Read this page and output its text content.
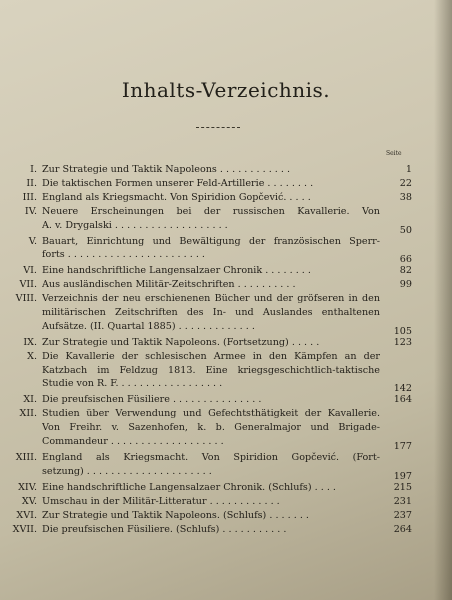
Inhalts-Verzeichnis.
Seite
I. Zur Strategie und Taktik Napoleons . . . . . . . . . . . .	1
II. Die taktischen Formen unserer Feld-Artillerie . . . . . . . .	22
III. England als Kriegsmacht. Von Spiridion Gopčević. . . . .	38
IV. Neuere Erscheinungen bei der russischen Kavallerie. Von
A. v. Drygalski . . . . . . . . . . . . . . . . . . .	50
V. Bauart, Einrichtung und Bewältigung der französischen Sperr-
forts . . . . . . . . . . . . . . . . . . . . . . .	66
VI. Eine handschriftliche Langensalzaer Chronik . . . . . . . .	82
VII. Aus ausländischen Militär-Zeitschriften . . . . . . . . . .	99
VIII. Verzeichnis der neu erschienenen Bücher und der gröfseren in den
militärischen Zeitschriften des In- und Auslandes enthaltenen
Aufsätze. (II. Quartal 1885) . . . . . . . . . . . . .	105
IX. Zur Strategie und Taktik Napoleons. (Fortsetzung) . . . . .	123
X. Die Kavallerie der schlesischen Armee in den Kämpfen an der
Katzbach im Feldzug 1813. Eine kriegsgeschichtlich-taktische
Studie von R. F. . . . . . . . . . . . . . . . . .	142
XI. Die preufsischen Füsiliere . . . . . . . . . . . . . . .	164
XII. Studien über Verwendung und Gefechtsthätigkeit der Kavallerie.
Von Freihr. v. Sazenhofen, k. b. Generalmajor und Brigade-
Commandeur . . . . . . . . . . . . . . . . . . .	177
XIII. England als Kriegsmacht. Von Spiridion Gopčević. (Fort-
setzung) . . . . . . . . . . . . . . . . . . . . .	197
XIV. Eine handschriftliche Langensalzaer Chronik. (Schlufs) . . . .	215
XV. Umschau in der Militär-Litteratur . . . . . . . . . . . .	231
XVI. Zur Strategie und Taktik Napoleons. (Schlufs) . . . . . . .	237
XVII. Die preufsischen Füsiliere. (Schlufs) . . . . . . . . . . .	264
